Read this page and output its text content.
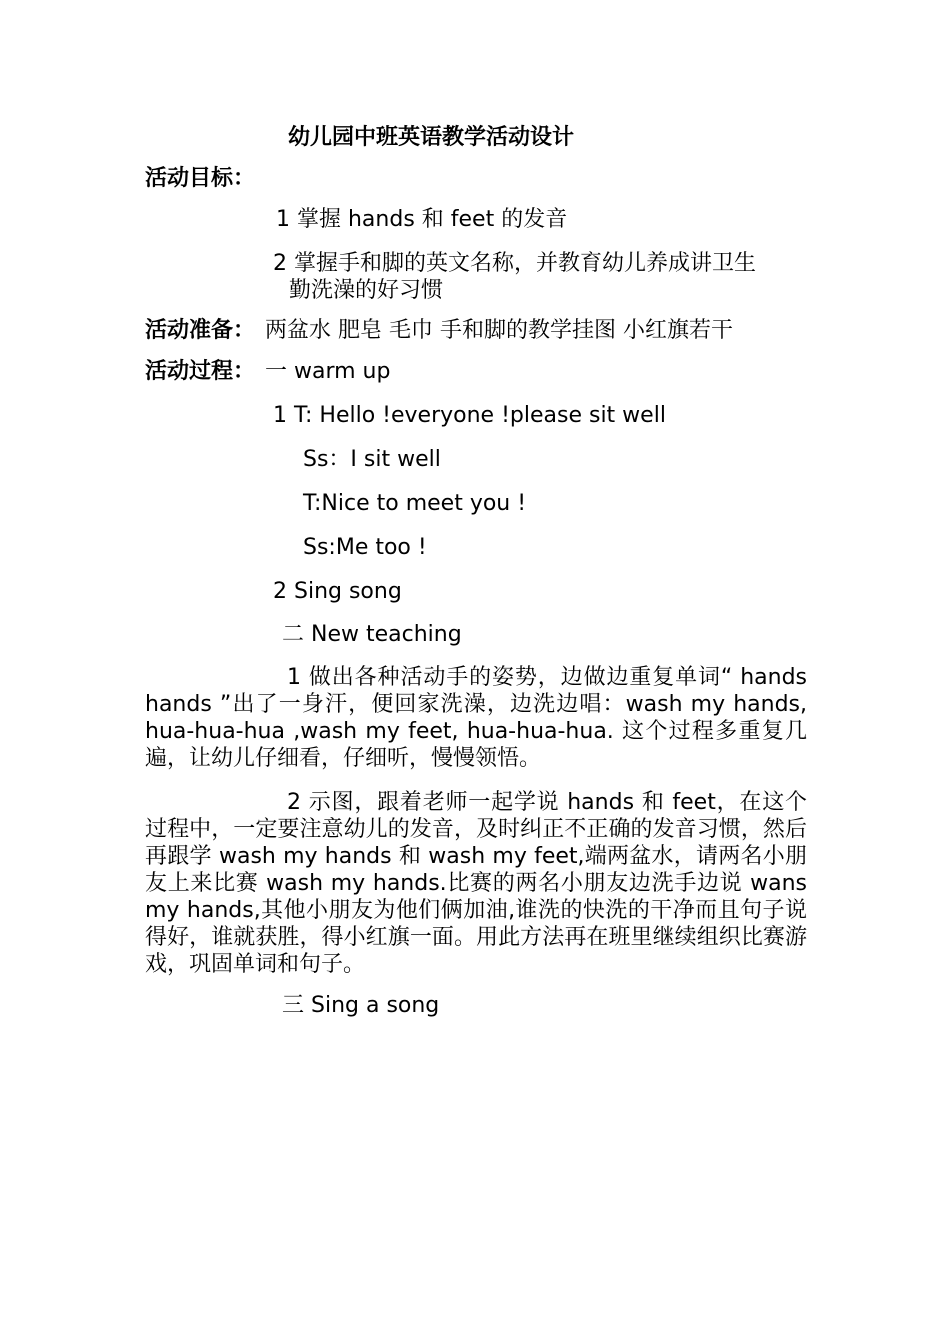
幼儿园中班英语教学活动设计
活动目标：
1 掌握 hands 和 feet 的发音
2 掌握手和脚的英文名称，并教育幼儿养成讲卫生
勤洗澡的好习惯
活动准备： 两盆水 肥皂 毛巾 手和脚的教学挂图 小红旗若干
活动过程： 一 warm up
1 T: Hello !everyone !please sit well
Ss：I sit well
T:Nice to meet you !
Ss:Me too !
2 Sing song
二 New teaching
1 做出各种活动手的姿势，边做边重复单词“ hands hands ”出了一身汗，便回家洗澡，边洗边唱：wash my hands, hua-hua-hua ,wash my feet, hua-hua-hua. 这个过程多重复几遍，让幼儿仔细看，仔细听，慢慢领悟。
2 示图，跟着老师一起学说 hands 和 feet，在这个过程中，一定要注意幼儿的发音，及时纠正不正确的发音习惯，然后再跟学 wash my hands 和 wash my feet,端两盆水，请两名小朋友上来比赛 wash my hands.比赛的两名小朋友边洗手边说 wans my hands,其他小朋友为他们俩加油,谁洗的快洗的干净而且句子说得好，谁就获胜，得小红旗一面。用此方法再在班里继续组织比赛游戏，巩固单词和句子。
三 Sing a song
